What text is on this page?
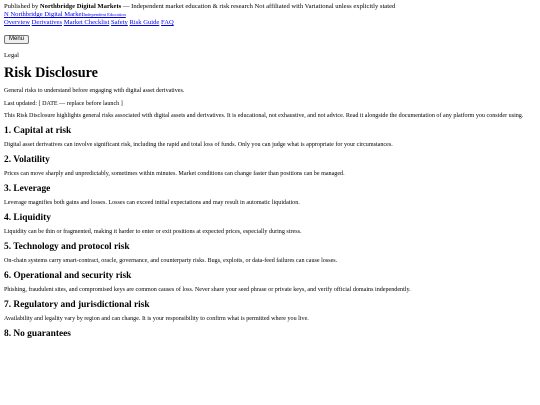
Published by Northbridge Digital Markets — Independent market education & risk research Not affiliated with Variational unless explicitly stated
N Northbridge Digital MarketIndependent Education
Overview Derivatives Market Checklist Safety Risk Guide FAQ
Menu
Legal
Risk Disclosure

General risks to understand before engaging with digital asset derivatives.

Last updated: [ DATE — replace before launch ]

This Risk Disclosure highlights general risks associated with digital assets and derivatives. It is educational, not exhaustive, and not advice. Read it alongside the documentation of any platform you consider using.

1. Capital at risk

Digital asset derivatives can involve significant risk, including the rapid and total loss of funds. Only you can judge what is appropriate for your circumstances.

2. Volatility

Prices can move sharply and unpredictably, sometimes within minutes. Market conditions can change faster than positions can be managed.

3. Leverage

Leverage magnifies both gains and losses. Losses can exceed initial expectations and may result in automatic liquidation.

4. Liquidity

Liquidity can be thin or fragmented, making it harder to enter or exit positions at expected prices, especially during stress.

5. Technology and protocol risk

On-chain systems carry smart-contract, oracle, governance, and counterparty risks. Bugs, exploits, or data-feed failures can cause losses.

6. Operational and security risk

Phishing, fraudulent sites, and compromised keys are common causes of loss. Never share your seed phrase or private keys, and verify official domains independently.

7. Regulatory and jurisdictional risk

Availability and legality vary by region and can change. It is your responsibility to confirm what is permitted where you live.

8. No guarantees
